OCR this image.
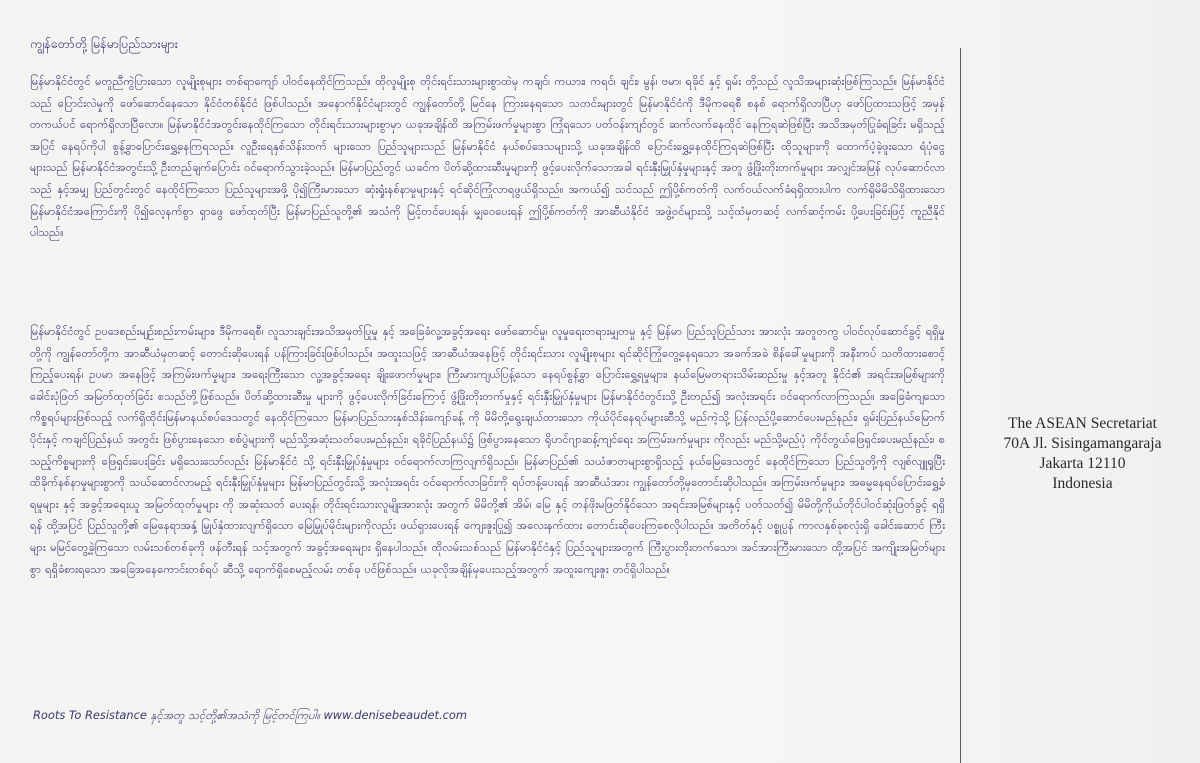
ကျွန်တော်တို့ မြန်မာပြည်သားများ

မြန်မာနိုင်ငံတွင် မတူညီကွဲပြားသော လူမျိုးစုများ တစ်ရာကျော် ပါဝင်နေထိုင်ကြသည်။ ထိုလူမျိုးစု တိုင်းရင်းသားများစွာထဲမှ ကချင်၊ ကယား၊ ကရင်၊ ချင်း၊ မွန်၊ ဗမာ၊ ရခိုင် နှင့် ရှမ်း တို့သည် လူသိအများဆုံးဖြစ်ကြသည်။ မြန်မာနိုင်ငံသည် ပြောင်းလဲမှုကို ဖော်ဆောင်နေသော နိုင်ငံတစ်နိုင်ငံ ဖြစ်ပါသည်။ အနောက်နိုင်ငံများတွင် ကျွန်တော်တို့ မြင်နေ ကြားနေရသော သတင်းများတွင် မြန်မာနိုင်ငံကို ဒီမိုကရေစီ စနစ် ရောက်ရှိလာပြီဟု ဖော်ပြထားသဖြင့် အမှန်တကယ်ပင် ရောက်ရှိလာပြီလော။ မြန်မာနိုင်ငံအတွင်းနေထိုင်ကြသော တိုင်းရင်းသားများစွာမှာ ယခုအချိန်ထိ အကြမ်းဖက်မှုများစွာ ကြုံရသော ပတ်ဝန်းကျင်တွင် ဆက်လက်နေထိုင် နေကြရဆဲဖြစ်ပြီး အသိအမှတ်ပြုခံရခြင်း မရှိသည့်အပြင် နေရပ်ကိုပါ စွန့်ခွာပြောင်းရွှေ့နေကြရသည်။ လူဦးရေနှစ်သိန်းထက် များသော ပြည်သူများသည် မြန်မာနိုင်ငံ နယ်စပ်ဒေသများသို့ ယခုအချိန်ထိ ပြောင်းရွှေ့နေထိုင်ကြရဆဲဖြစ်ပြီး ထိုသူများကို ထောက်ပံ့ခဲ့ဖူးသော ရံပုံငွေများသည် မြန်မာနိုင်ငံအတွင်းသို့ ဦးတည်ချက်ပြောင်း ဝင်ရောက်သွားခဲ့သည်။ မြန်မာပြည်တွင် ယခင်က ပိတ်ဆို့ထားဆီးမှုများကို ဖွင့်ပေးလိုက်သောအခါ ရင်းနှီးမြှုပ်နှံမှုများနှင့် အတူ ဖွံ့ဖြိုးတိုးတက်မှုများ အလျှင်အမြန် လုပ်ဆောင်လာသည် နှင့်အမျှ ပြည်တွင်းတွင် နေထိုင်ကြသော ပြည်သူများအဖို့ ပို၍ကြီးမားသော ဆုံးရှုံးနစ်နာမှုများနှင့် ရင်ဆိုင်ကြုံလာရဖွယ်ရှိသည်။ အကယ်၍ သင်သည် ဤပို့စ်ကတ်ကို လက်ဝယ်လက်ခံရရှိထားပါက လက်ရှိမိမိသိရှိထားသော မြန်မာနိုင်ငံအကြောင်းကို ပို၍လေ့နက်စွာ ရှာဖွေ ဖော်ထုတ်ပြီး မြန်မာပြည်သူတို့၏ အသံကို မြင့်တင်ပေးရန်၊ မျှဝေပေးရန် ဤပို့စ်ကတ်ကို အာဆီယံနိုင်ငံ အဖွဲ့ဝင်များသို့ သင့်ထံမှတဆင့် လက်ဆင့်ကမ်း ပို့ပေးခြင်းဖြင့် ကူညီနိုင်ပါသည်။

မြန်မာနိုင်ငံတွင် ဥပဒေစည်းမျဉ်းစည်းကမ်းများ၊ ဒီမိုကရေစီ၊ လူသားချင်းအသိအမှတ်ပြုမှု နှင့် အခြေခံလူ့အခွင့်အရေး ဖော်ဆောင်မှု၊ လူမှုရေးတရားမျှတမှု နှင့် မြန်မာ ပြည်သူပြည်သား အားလုံး အတူတကွ ပါဝင်လုပ်ဆောင်ခွင့် ရရှိမှု တို့ကို ကျွန်တော်တို့က အာဆီယံမှတဆင့် တောင်းဆိုပေးရန် ပန်ကြားခြင်းဖြစ်ပါသည်။ အထူးသဖြင့် အာဆီယံအနေဖြင့် တိုင်းရင်းသား လူမျိုးစုများ ရင်ဆိုင်ကြုံတွေ့နေရသော အခက်အခဲ စိန်ခေါ်မှုများကို အနီးကပ် သတိထားစောင့်ကြည့်ပေးရန်၊ ဥပမာ အနေဖြင့် အကြမ်းဖက်မှုများ၊ အရေးကြီးသော လူ့အခွင့်အရေး ချိုးဖောက်မှုများ၊ ကြီးမားကျယ်ပြန့်သော နေရပ်စွန့်ခွာ ပြောင်းရွှေ့ရမှုများ၊ နယ်မြေမတရားသိမ်းဆည်းမှု နှင့်အတူ နိုင်ငံ၏ အရင်းအမြစ်များကို ခေါင်းပုံဖြတ် အမြတ်ထုတ်ခြင်း စသည်တို့ဖြစ်သည်။ ပိတ်ဆို့ထားဆီးမှု များကို ဖွင့်ပေးလိုက်ခြင်းကြောင့် ဖွံ့ဖြိုးတိုးတက်မှုနှင့် ရင်းနှီးမြှုပ်နှံမှုများ မြန်မာနိုင်ငံတွင်းသို့ ဦးတည်၍ အလုံးအရင်း ဝင်ရောက်လာကြသည်။ အခြေခံကျသော ကိစ္စရပ်များဖြစ်သည့် လက်ရှိထိုင်းမြန်မာနယ်စပ်ဒေသတွင် နေထိုင်ကြသော မြန်မာပြည်သားနှစ်သိန်းကျော်ခန့် ကို မိမိတို့ရွေးချယ်ထားသော ကိုယ်ပိုင်နေရပ်များဆီသို့ မည်ကဲ့သို့ ပြန်လည်ပို့ဆောင်ပေးမည်နည်း၊ ရှမ်းပြည်နယ်မြောက်ပိုင်းနှင့် ကချင်ပြည်နယ် အတွင်း ဖြစ်ပွားနေသော စစ်ပွဲများကို မည်သို့အဆုံးသတ်ပေးမည်နည်း၊ ရခိုင်ပြည်နယ်၌ ဖြစ်ပွားနေသော ရိုဟင်ဂျာဆန့်ကျင်ရေး အကြမ်းဖက်မှုများ ကိုလည်း မည်သို့မည်ပုံ ကိုင်တွယ်ဖြေရှင်းပေးမည်နည်း၊ စသည့်ကိစ္စများကို ဖြေရှင်းပေးခြင်း မရှိသေးသော်လည်း မြန်မာနိုင်ငံ သို့ ရင်းနှီးမြှုပ်နှံမှုများ ဝင်ရောက်လာကြလျက်ရှိသည်။ မြန်မာပြည်၏ သယံဇာတများစွာရှိသည့် နယ်မြေဒေသတွင် နေထိုင်ကြသော ပြည်သူတို့ကို လျစ်လျူရှုပြီး ထိခိုက်နစ်နာမှုများစွာကို သယ်ဆောင်လာမည့် ရင်းနှီးမြှုပ်နှံမှုများ မြန်မာပြည်တွင်းသို့ အလုံးအရင်း ဝင်ရောက်လာခြင်းကို ရပ်တန့်ပေးရန် အာဆီယံအား ကျွန်တော်တို့မှတောင်းဆိုပါသည်။ အကြမ်းဖက်မှုများ၊ အဓမ္မနေရပ်ပြောင်းရွှေ့ခံရမှုများ နှင့် အခွင့်အရေးယူ အမြတ်ထုတ်မှုများ ကို အဆုံးသတ် ပေးရန်၊ တိုင်းရင်းသားလူမျိုးအားလုံး အတွက် မိမိတို့၏ အိမ်၊ မြေ နှင့် တန်ဖိုးမဖြတ်နိုင်သော အရင်းအမြစ်များနှင့် ပတ်သတ်၍ မိမိတို့ကိုယ်တိုင်ပါဝင်ဆုံးဖြတ်ခွင့် ရရှိရန် ထို့အပြင် ပြည်သူတို့၏ မြေနေရာအနှံ့ မြှုပ်နှံထားလျက်ရှိသော မြေမြှုပ်မိုင်းများကိုလည်း ဖယ်ရှားပေးရန် ကျေးဇူးပြု၍ အလေးနက်ထား တောင်းဆိုပေးကြစေလိုပါသည်။ အတိတ်နှင့် ပစ္စုပ္ပန် ကာလနှစ်ခုစလုံးရှိ ခေါင်းဆောင် ကြီးများ မမြင်တွေ့ခဲ့ကြသော လမ်းသစ်တစ်ခုကို ဖန်တီးရန် သင့်အတွက် အခွင့်အရေးများ ရှိနေပါသည်။ ထိုလမ်းသစ်သည် မြန်မာနိုင်ငံနှင့် ပြည်သူများအတွက် ကြီးပွားတိုးတက်သော၊ အင်အားကြီးမားသော ထို့အပြင် အကျိုးအမြတ်များစွာ ရရှိခံစားရသော အခြေအနေကောင်းတစ်ရပ် ဆီသို့ ရောက်ရှိစေမည့်လမ်း တစ်ခု ပင်ဖြစ်သည်။ ယခုလိုအချိန်မှပေးသည့်အတွက် အထူးကျေးဇူး တင်ရှိပါသည်။

Roots To Resistance နှင့်အတူ သင့်တို့၏အသံကို မြင့်တင်ကြပါ။ www.denisebeaudet.com
The ASEAN Secretariat
70A Jl. Sisingamangaraja
Jakarta 12110
Indonesia
